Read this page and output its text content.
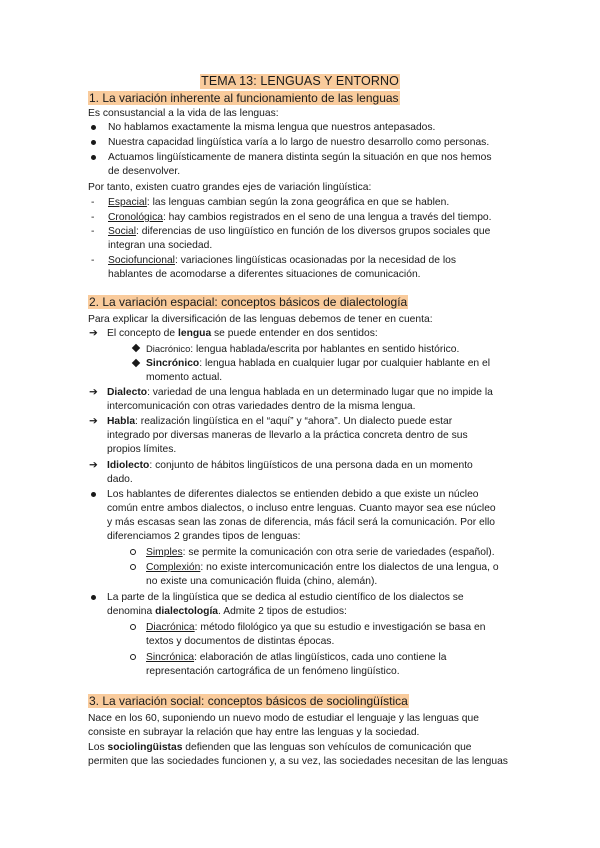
TEMA 13: LENGUAS Y ENTORNO
1. La variación inherente al funcionamiento de las lenguas
Es consustancial a la vida de las lenguas:
No hablamos exactamente la misma lengua que nuestros antepasados.
Nuestra capacidad lingüística varía a lo largo de nuestro desarrollo como personas.
Actuamos lingüísticamente de manera distinta según la situación en que nos hemos
de desenvolver.
Por tanto, existen cuatro grandes ejes de variación lingüística:
- Espacial: las lenguas cambian según la zona geográfica en que se hablen.
- Cronológica: hay cambios registrados en el seno de una lengua a través del tiempo.
- Social: diferencias de uso lingüístico en función de los diversos grupos sociales que
integran una sociedad.
- Sociofuncional: variaciones lingüísticas ocasionadas por la necesidad de los
hablantes de acomodarse a diferentes situaciones de comunicación.
2. La variación espacial: conceptos básicos de dialectología
Para explicar la diversificación de las lenguas debemos de tener en cuenta:
➔ El concepto de lengua se puede entender en dos sentidos:
Diacrónico: lengua hablada/escrita por hablantes en sentido histórico.
Sincrónico: lengua hablada en cualquier lugar por cualquier hablante en el
momento actual.
➔ Dialecto: variedad de una lengua hablada en un determinado lugar que no impide la
intercomunicación con otras variedades dentro de la misma lengua.
➔ Habla: realización lingüística en el “aquí” y “ahora”. Un dialecto puede estar
integrado por diversas maneras de llevarlo a la práctica concreta dentro de sus
propios límites.
➔ Idiolecto: conjunto de hábitos lingüísticos de una persona dada en un momento
dado.
Los hablantes de diferentes dialectos se entienden debido a que existe un núcleo
común entre ambos dialectos, o incluso entre lenguas. Cuanto mayor sea ese núcleo
y más escasas sean las zonas de diferencia, más fácil será la comunicación. Por ello
diferenciamos 2 grandes tipos de lenguas:
Simples: se permite la comunicación con otra serie de variedades (español).
Complexión: no existe intercomunicación entre los dialectos de una lengua, o
no existe una comunicación fluida (chino, alemán).
La parte de la lingüística que se dedica al estudio científico de los dialectos se
denomina dialectología. Admite 2 tipos de estudios:
Diacrónica: método filológico ya que su estudio e investigación se basa en
textos y documentos de distintas épocas.
Sincrónica: elaboración de atlas lingüísticos, cada uno contiene la
representación cartográfica de un fenómeno lingüístico.
3. La variación social: conceptos básicos de sociolingüística
Nace en los 60, suponiendo un nuevo modo de estudiar el lenguaje y las lenguas que
consiste en subrayar la relación que hay entre las lenguas y la sociedad.
Los sociolingüistas defienden que las lenguas son vehículos de comunicación que
permiten que las sociedades funcionen y, a su vez, las sociedades necesitan de las lenguas
